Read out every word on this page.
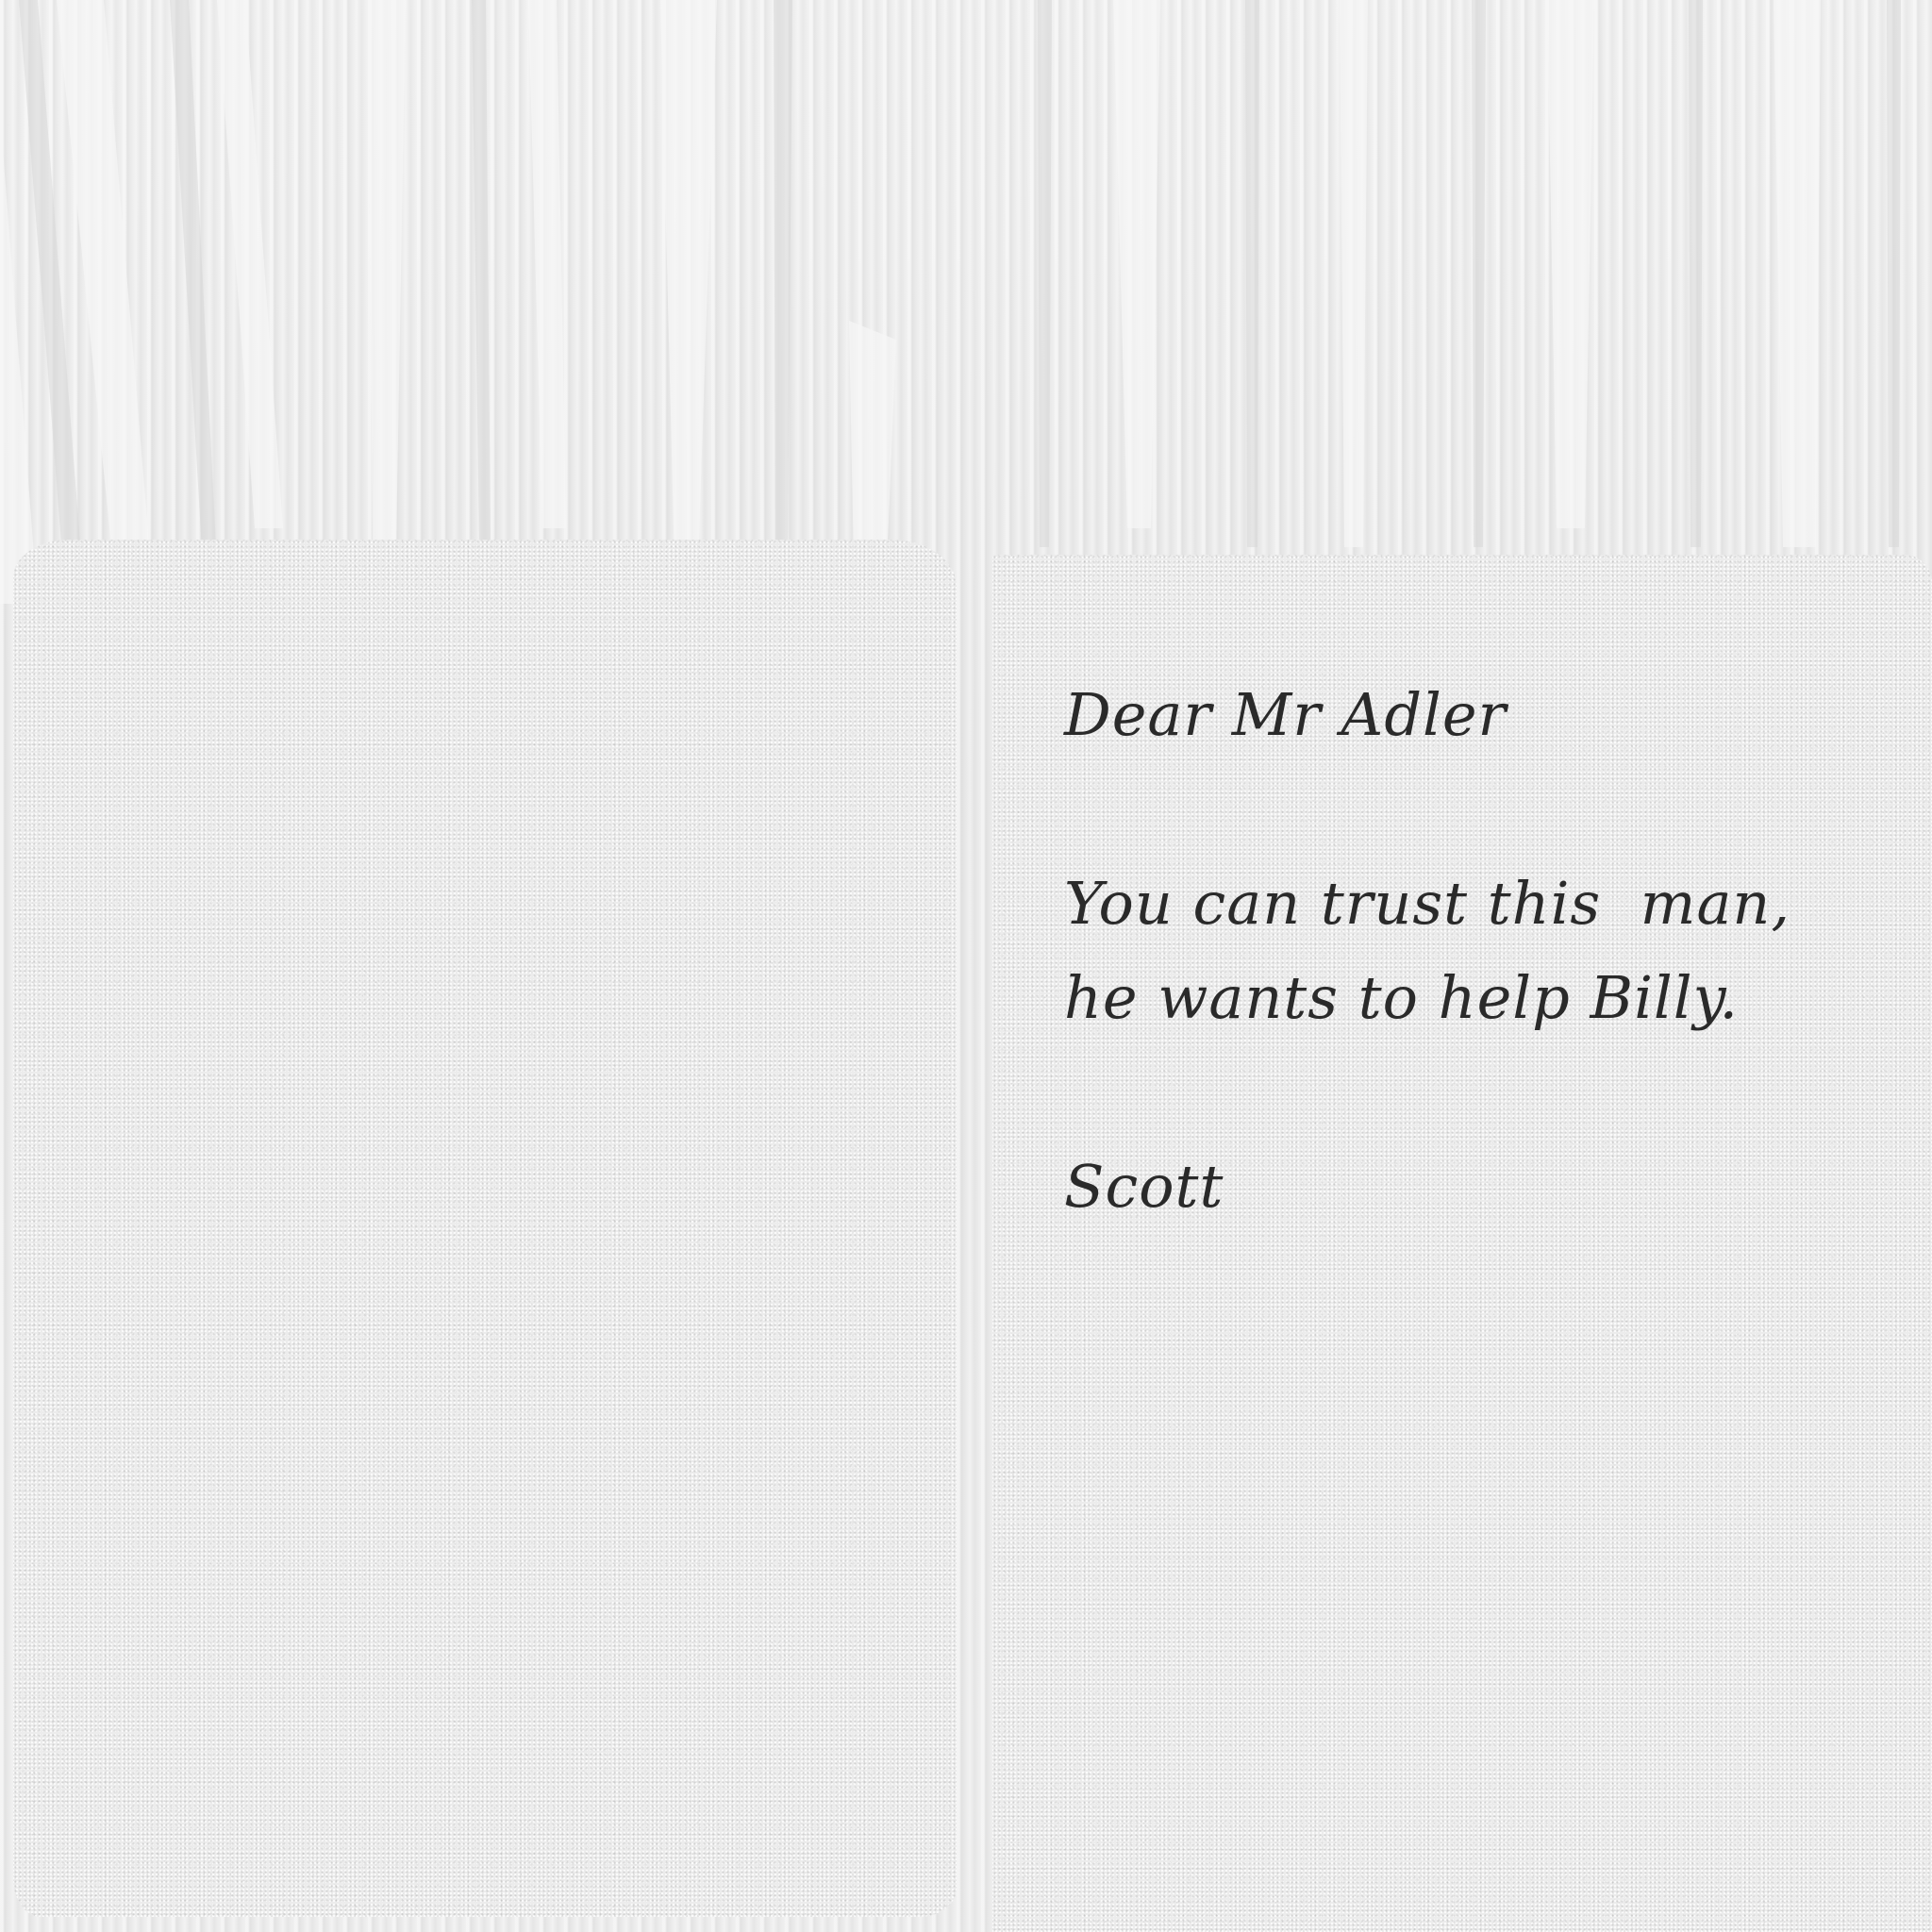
Dear Mr Adler
You can trust this  man,
he wants to help Billy.
Scott
